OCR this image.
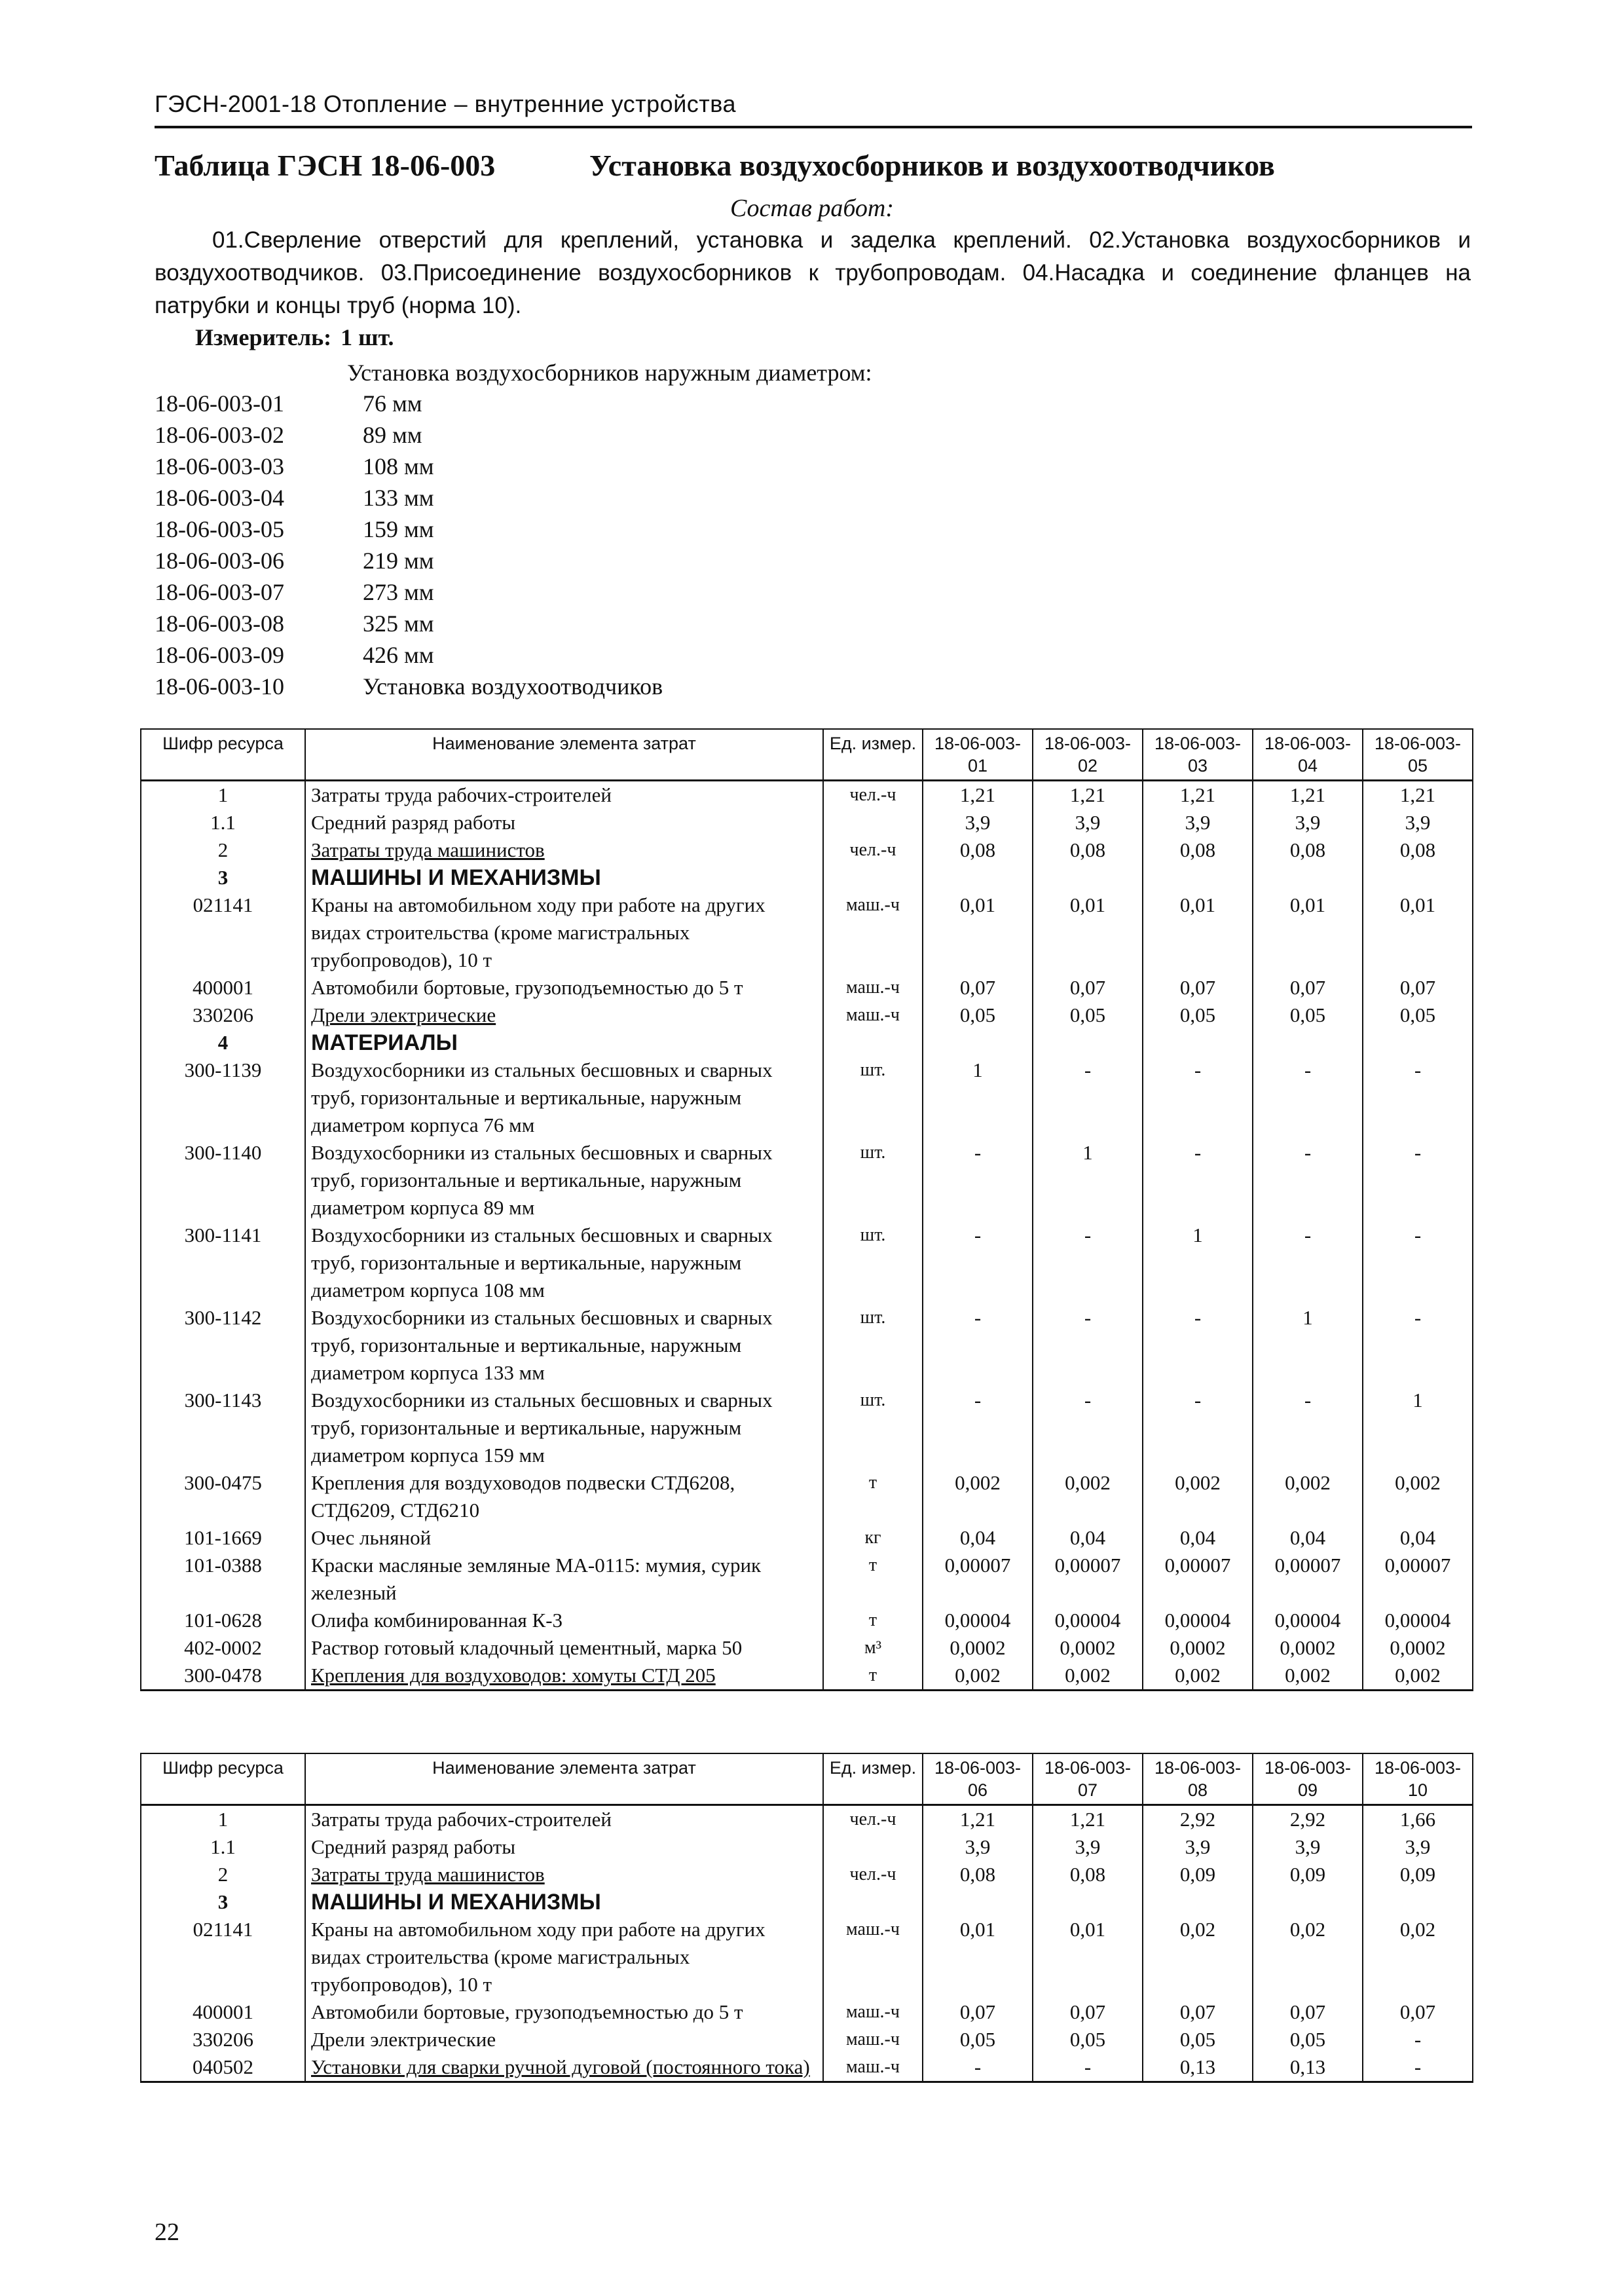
ГЭСН-2001-18 Отопление – внутренние устройства
Таблица ГЭСН 18-06-003	Установка воздухосборников и воздухоотводчиков
Состав работ:
01.Сверление отверстий для креплений, установка и заделка креплений. 02.Установка воздухосборников и воздухоотводчиков. 03.Присоединение воздухосборников к трубопроводам. 04.Насадка и соединение фланцев на патрубки и концы труб (норма 10).
Измеритель: 1 шт.
Установка воздухосборников наружным диаметром:
18-06-003-01	76 мм
18-06-003-02	89 мм
18-06-003-03	108 мм
18-06-003-04	133 мм
18-06-003-05	159 мм
18-06-003-06	219 мм
18-06-003-07	273 мм
18-06-003-08	325 мм
18-06-003-09	426 мм
18-06-003-10	Установка воздухоотводчиков
Шифр ресурса	Наименование элемента затрат	Ед. измер.	18-06-003-01	18-06-003-02	18-06-003-03	18-06-003-04	18-06-003-05
1	Затраты труда рабочих-строителей	чел.-ч	1,21	1,21	1,21	1,21	1,21
1.1	Средний разряд работы		3,9	3,9	3,9	3,9	3,9
2	Затраты труда машинистов	чел.-ч	0,08	0,08	0,08	0,08	0,08
3	МАШИНЫ И МЕХАНИЗМЫ						
021141	Краны на автомобильном ходу при работе на других видах строительства (кроме магистральных трубопроводов), 10 т	маш.-ч	0,01	0,01	0,01	0,01	0,01
400001	Автомобили бортовые, грузоподъемностью до 5 т	маш.-ч	0,07	0,07	0,07	0,07	0,07
330206	Дрели электрические	маш.-ч	0,05	0,05	0,05	0,05	0,05
4	МАТЕРИАЛЫ						
300-1139	Воздухосборники из стальных бесшовных и сварных труб, горизонтальные и вертикальные, наружным диаметром корпуса 76 мм	шт.	1	-	-	-	-
300-1140	Воздухосборники из стальных бесшовных и сварных труб, горизонтальные и вертикальные, наружным диаметром корпуса 89 мм	шт.	-	1	-	-	-
300-1141	Воздухосборники из стальных бесшовных и сварных труб, горизонтальные и вертикальные, наружным диаметром корпуса 108 мм	шт.	-	-	1	-	-
300-1142	Воздухосборники из стальных бесшовных и сварных труб, горизонтальные и вертикальные, наружным диаметром корпуса 133 мм	шт.	-	-	-	1	-
300-1143	Воздухосборники из стальных бесшовных и сварных труб, горизонтальные и вертикальные, наружным диаметром корпуса 159 мм	шт.	-	-	-	-	1
300-0475	Крепления для воздуховодов подвески СТД6208, СТД6209, СТД6210	т	0,002	0,002	0,002	0,002	0,002
101-1669	Очес льняной	кг	0,04	0,04	0,04	0,04	0,04
101-0388	Краски масляные земляные МА-0115: мумия, сурик железный	т	0,00007	0,00007	0,00007	0,00007	0,00007
101-0628	Олифа комбинированная К-3	т	0,00004	0,00004	0,00004	0,00004	0,00004
402-0002	Раствор готовый кладочный цементный, марка 50	м³	0,0002	0,0002	0,0002	0,0002	0,0002
300-0478	Крепления для воздуховодов: хомуты СТД 205	т	0,002	0,002	0,002	0,002	0,002
Шифр ресурса	Наименование элемента затрат	Ед. измер.	18-06-003-06	18-06-003-07	18-06-003-08	18-06-003-09	18-06-003-10
1	Затраты труда рабочих-строителей	чел.-ч	1,21	1,21	2,92	2,92	1,66
1.1	Средний разряд работы		3,9	3,9	3,9	3,9	3,9
2	Затраты труда машинистов	чел.-ч	0,08	0,08	0,09	0,09	0,09
3	МАШИНЫ И МЕХАНИЗМЫ						
021141	Краны на автомобильном ходу при работе на других видах строительства (кроме магистральных трубопроводов), 10 т	маш.-ч	0,01	0,01	0,02	0,02	0,02
400001	Автомобили бортовые, грузоподъемностью до 5 т	маш.-ч	0,07	0,07	0,07	0,07	0,07
330206	Дрели электрические	маш.-ч	0,05	0,05	0,05	0,05	-
040502	Установки для сварки ручной дуговой (постоянного тока)	маш.-ч	-	-	0,13	0,13	-
22
